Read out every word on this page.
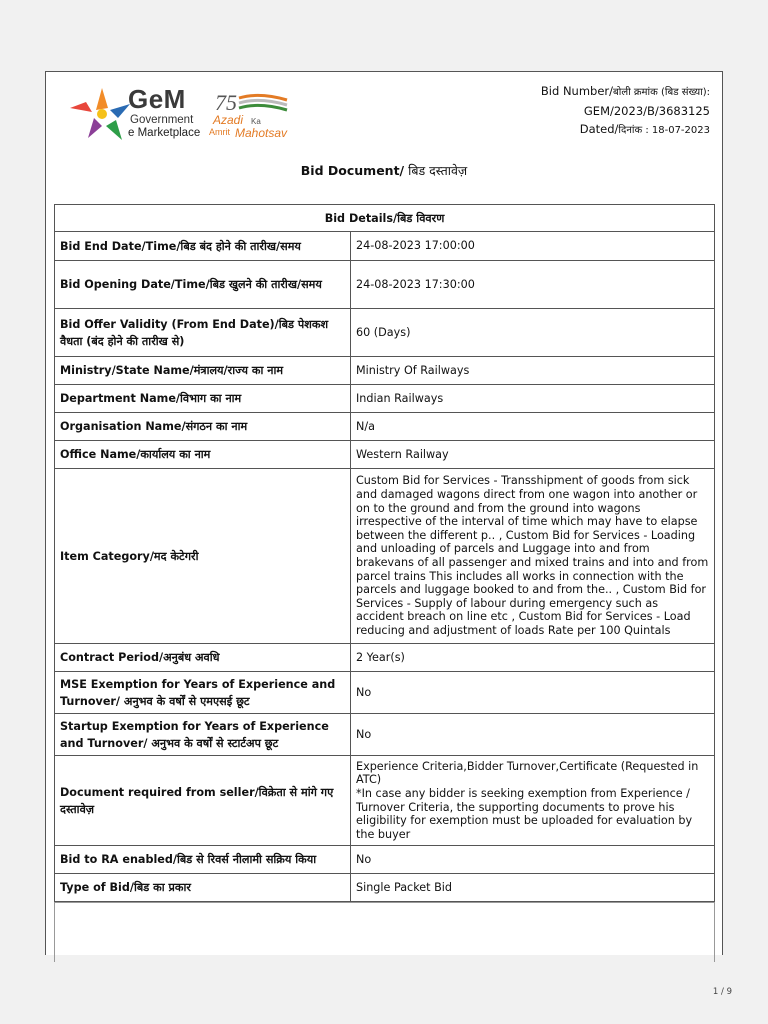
GeM
Government
e Marketplace
75
Azadi Ka
Amrit Mahotsav
Bid Number/बोली क्रमांक (बिड संख्या):
GEM/2023/B/3683125
Dated/दिनांक : 18-07-2023
Bid Document/ बिड दस्तावेज़
Bid Details/बिड विवरण	
Bid End Date/Time/बिड बंद होने की तारीख/समय	24-08-2023 17:00:00
Bid Opening Date/Time/बिड खुलने की तारीख/समय	24-08-2023 17:30:00
Bid Offer Validity (From End Date)/बिड पेशकश वैधता (बंद होने की तारीख से)	60 (Days)
Ministry/State Name/मंत्रालय/राज्य का नाम	Ministry Of Railways
Department Name/विभाग का नाम	Indian Railways
Organisation Name/संगठन का नाम	N/a
Office Name/कार्यालय का नाम	Western Railway
Item Category/मद केटेगरी	Custom Bid for Services - Transshipment of goods from sick and damaged wagons direct from one wagon into another or on to the ground and from the ground into wagons irrespective of the interval of time which may have to elapse between the different p.. , Custom Bid for Services - Loading and unloading of parcels and Luggage into and from brakevans of all passenger and mixed trains and into and from parcel trains This includes all works in connection with the parcels and luggage booked to and from the.. , Custom Bid for Services - Supply of labour during emergency such as accident breach on line etc , Custom Bid for Services - Load reducing and adjustment of loads Rate per 100 Quintals
Contract Period/अनुबंध अवधि	2 Year(s)
MSE Exemption for Years of Experience and Turnover/ अनुभव के वर्षों से एमएसई छूट	No
Startup Exemption for Years of Experience and Turnover/ अनुभव के वर्षों से स्टार्टअप छूट	No
Document required from seller/विक्रेता से मांगे गए दस्तावेज़	Experience Criteria,Bidder Turnover,Certificate (Requested in ATC)
*In case any bidder is seeking exemption from Experience / Turnover Criteria, the supporting documents to prove his eligibility for exemption must be uploaded for evaluation by the buyer
Bid to RA enabled/बिड से रिवर्स नीलामी सक्रिय किया	No
Type of Bid/बिड का प्रकार	Single Packet Bid
1 / 9
